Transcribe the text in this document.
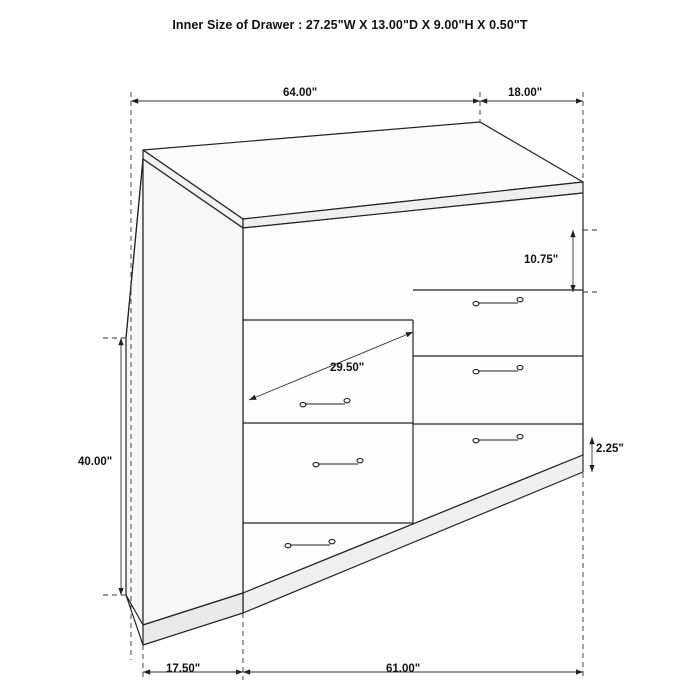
Inner Size of Drawer : 27.25"W X 13.00"D X 9.00"H X 0.50"T
64.00"	18.00"
10.75"
29.50"
40.00"
2.25"
17.50"	61.00"
